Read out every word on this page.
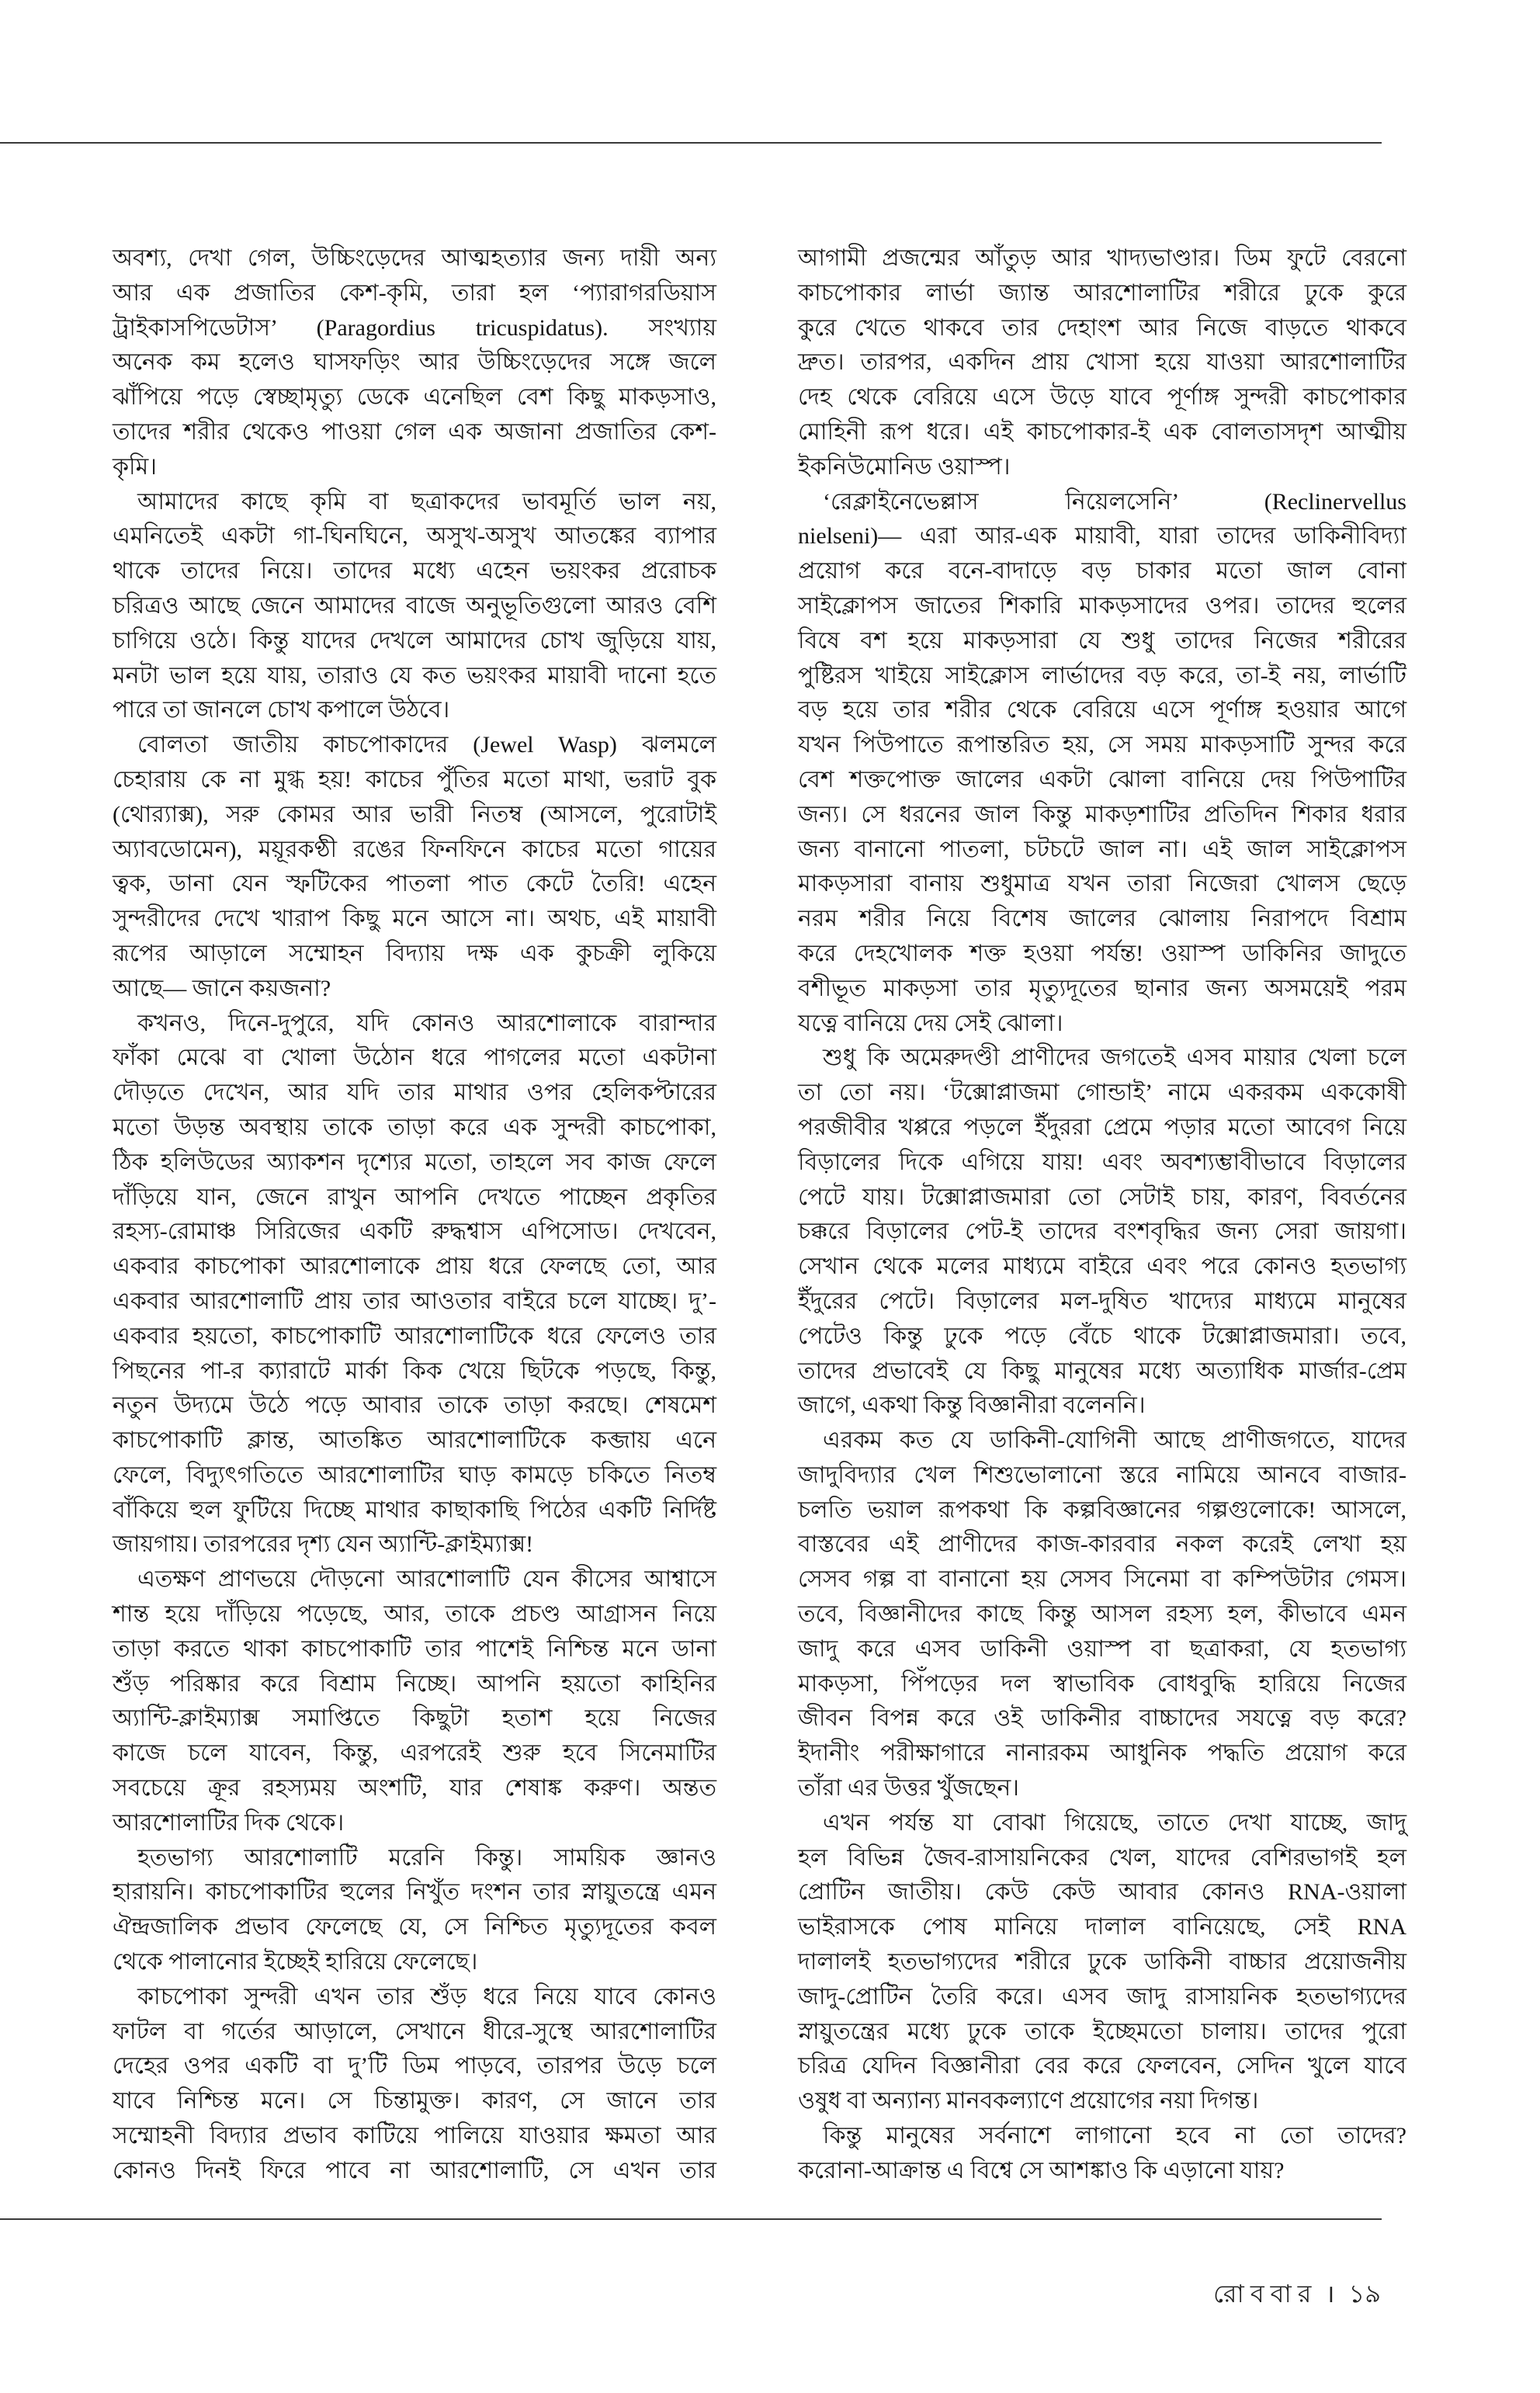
অবশ্য, দেখা গেল, উচ্চিংড়েদের আত্মহত্যার জন্য দায়ী অন্য
আর এক প্রজাতির কেশ-কৃমি, তারা হল ‘প্যারাগরডিয়াস
ট্রাইকাসপিডেটাস’ (Paragordius tricuspidatus). সংখ্যায়
অনেক কম হলেও ঘাসফড়িং আর উচ্চিংড়েদের সঙ্গে জলে
ঝাঁপিয়ে পড়ে স্বেচ্ছামৃত্যু ডেকে এনেছিল বেশ কিছু মাকড়সাও,
তাদের শরীর থেকেও পাওয়া গেল এক অজানা প্রজাতির কেশ-
কৃমি।
আমাদের কাছে কৃমি বা ছত্রাকদের ভাবমূর্তি ভাল নয়,
এমনিতেই একটা গা-ঘিনঘিনে, অসুখ-অসুখ আতঙ্কের ব্যাপার
থাকে তাদের নিয়ে। তাদের মধ্যে এহেন ভয়ংকর প্ররোচক
চরিত্রও আছে জেনে আমাদের বাজে অনুভূতিগুলো আরও বেশি
চাগিয়ে ওঠে। কিন্তু যাদের দেখলে আমাদের চোখ জুড়িয়ে যায়,
মনটা ভাল হয়ে যায়, তারাও যে কত ভয়ংকর মায়াবী দানো হতে
পারে তা জানলে চোখ কপালে উঠবে।
বোলতা জাতীয় কাচপোকাদের (Jewel Wasp) ঝলমলে
চেহারায় কে না মুগ্ধ হয়! কাচের পুঁতির মতো মাথা, ভরাট বুক
(থোর‍্যাক্স), সরু কোমর আর ভারী নিতম্ব (আসলে, পুরোটাই
অ্যাবডোমেন), ময়ূরকণ্ঠী রঙের ফিনফিনে কাচের মতো গায়ের
ত্বক, ডানা যেন স্ফটিকের পাতলা পাত কেটে তৈরি! এহেন
সুন্দরীদের দেখে খারাপ কিছু মনে আসে না। অথচ, এই মায়াবী
রূপের আড়ালে সম্মোহন বিদ্যায় দক্ষ এক কুচক্রী লুকিয়ে
আছে— জানে কয়জনা?
কখনও, দিনে-দুপুরে, যদি কোনও আরশোলাকে বারান্দার
ফাঁকা মেঝে বা খোলা উঠোন ধরে পাগলের মতো একটানা
দৌড়তে দেখেন, আর যদি তার মাথার ওপর হেলিকপ্টারের
মতো উড়ন্ত অবস্থায় তাকে তাড়া করে এক সুন্দরী কাচপোকা,
ঠিক হলিউডের অ্যাকশন দৃশ্যের মতো, তাহলে সব কাজ ফেলে
দাঁড়িয়ে যান, জেনে রাখুন আপনি দেখতে পাচ্ছেন প্রকৃতির
রহস্য-রোমাঞ্চ সিরিজের একটি রুদ্ধশ্বাস এপিসোড। দেখবেন,
একবার কাচপোকা আরশোলাকে প্রায় ধরে ফেলছে তো, আর
একবার আরশোলাটি প্রায় তার আওতার বাইরে চলে যাচ্ছে। দু’-
একবার হয়তো, কাচপোকাটি আরশোলাটিকে ধরে ফেলেও তার
পিছনের পা-র ক্যারাটে মার্কা কিক খেয়ে ছিটকে পড়ছে, কিন্তু,
নতুন উদ্যমে উঠে পড়ে আবার তাকে তাড়া করছে। শেষমেশ
কাচপোকাটি ক্লান্ত, আতঙ্কিত আরশোলাটিকে কব্জায় এনে
ফেলে, বিদ্যুৎগতিতে আরশোলাটির ঘাড় কামড়ে চকিতে নিতম্ব
বাঁকিয়ে হুল ফুটিয়ে দিচ্ছে মাথার কাছাকাছি পিঠের একটি নির্দিষ্ট
জায়গায়। তারপরের দৃশ্য যেন অ্যান্টি-ক্লাইম্যাক্স!
এতক্ষণ প্রাণভয়ে দৌড়নো আরশোলাটি যেন কীসের আশ্বাসে
শান্ত হয়ে দাঁড়িয়ে পড়েছে, আর, তাকে প্রচণ্ড আগ্রাসন নিয়ে
তাড়া করতে থাকা কাচপোকাটি তার পাশেই নিশ্চিন্ত মনে ডানা
শুঁড় পরিষ্কার করে বিশ্রাম নিচ্ছে। আপনি হয়তো কাহিনির
অ্যান্টি-ক্লাইম্যাক্স সমাপ্তিতে কিছুটা হতাশ হয়ে নিজের
কাজে চলে যাবেন, কিন্তু, এরপরেই শুরু হবে সিনেমাটির
সবচেয়ে ক্রূর রহস্যময় অংশটি, যার শেষাঙ্ক করুণ। অন্তত
আরশোলাটির দিক থেকে।
হতভাগ্য আরশোলাটি মরেনি কিন্তু। সাময়িক জ্ঞানও
হারায়নি। কাচপোকাটির হুলের নিখুঁত দংশন তার স্নায়ুতন্ত্রে এমন
ঐন্দ্রজালিক প্রভাব ফেলেছে যে, সে নিশ্চিত মৃত্যুদূতের কবল
থেকে পালানোর ইচ্ছেই হারিয়ে ফেলেছে।
কাচপোকা সুন্দরী এখন তার শুঁড় ধরে নিয়ে যাবে কোনও
ফাটল বা গর্তের আড়ালে, সেখানে ধীরে-সুস্থে আরশোলাটির
দেহের ওপর একটি বা দু’টি ডিম পাড়বে, তারপর উড়ে চলে
যাবে নিশ্চিন্ত মনে। সে চিন্তামুক্ত। কারণ, সে জানে তার
সম্মোহনী বিদ্যার প্রভাব কাটিয়ে পালিয়ে যাওয়ার ক্ষমতা আর
কোনও দিনই ফিরে পাবে না আরশোলাটি, সে এখন তার
আগামী প্রজন্মের আঁতুড় আর খাদ্যভাণ্ডার। ডিম ফুটে বেরনো
কাচপোকার লার্ভা জ্যান্ত আরশোলাটির শরীরে ঢুকে কুরে
কুরে খেতে থাকবে তার দেহাংশ আর নিজে বাড়তে থাকবে
দ্রুত। তারপর, একদিন প্রায় খোসা হয়ে যাওয়া আরশোলাটির
দেহ থেকে বেরিয়ে এসে উড়ে যাবে পূর্ণাঙ্গ সুন্দরী কাচপোকার
মোহিনী রূপ ধরে। এই কাচপোকার-ই এক বোলতাসদৃশ আত্মীয়
ইকনিউমোনিড ওয়াস্প।
‘রেক্লাইনেভেল্লাস নিয়েলসেনি’ (Reclinervellus
nielseni)— এরা আর-এক মায়াবী, যারা তাদের ডাকিনীবিদ্যা
প্রয়োগ করে বনে-বাদাড়ে বড় চাকার মতো জাল বোনা
সাইক্লোপস জাতের শিকারি মাকড়সাদের ওপর। তাদের হুলের
বিষে বশ হয়ে মাকড়সারা যে শুধু তাদের নিজের শরীরের
পুষ্টিরস খাইয়ে সাইক্লোস লার্ভাদের বড় করে, তা-ই নয়, লার্ভাটি
বড় হয়ে তার শরীর থেকে বেরিয়ে এসে পূর্ণাঙ্গ হওয়ার আগে
যখন পিউপাতে রূপান্তরিত হয়, সে সময় মাকড়সাটি সুন্দর করে
বেশ শক্তপোক্ত জালের একটা ঝোলা বানিয়ে দেয় পিউপাটির
জন্য। সে ধরনের জাল কিন্তু মাকড়শাটির প্রতিদিন শিকার ধরার
জন্য বানানো পাতলা, চটচটে জাল না। এই জাল সাইক্লোপস
মাকড়সারা বানায় শুধুমাত্র যখন তারা নিজেরা খোলস ছেড়ে
নরম শরীর নিয়ে বিশেষ জালের ঝোলায় নিরাপদে বিশ্রাম
করে দেহখোলক শক্ত হওয়া পর্যন্ত! ওয়াস্প ডাকিনির জাদুতে
বশীভূত মাকড়সা তার মৃত্যুদূতের ছানার জন্য অসময়েই পরম
যত্নে বানিয়ে দেয় সেই ঝোলা।
শুধু কি অমেরুদণ্ডী প্রাণীদের জগতেই এসব মায়ার খেলা চলে
তা তো নয়। ‘টক্সোপ্লাজমা গোন্ডাই’ নামে একরকম এককোষী
পরজীবীর খপ্পরে পড়লে ইঁদুররা প্রেমে পড়ার মতো আবেগ নিয়ে
বিড়ালের দিকে এগিয়ে যায়! এবং অবশ্যম্ভাবীভাবে বিড়ালের
পেটে যায়। টক্সোপ্লাজমারা তো সেটাই চায়, কারণ, বিবর্তনের
চক্করে বিড়ালের পেট-ই তাদের বংশবৃদ্ধির জন্য সেরা জায়গা।
সেখান থেকে মলের মাধ্যমে বাইরে এবং পরে কোনও হতভাগ্য
ইঁদুরের পেটে। বিড়ালের মল-দুষিত খাদ্যের মাধ্যমে মানুষের
পেটেও কিন্তু ঢুকে পড়ে বেঁচে থাকে টক্সোপ্লাজমারা। তবে,
তাদের প্রভাবেই যে কিছু মানুষের মধ্যে অত্যাধিক মার্জার-প্রেম
জাগে, একথা কিন্তু বিজ্ঞানীরা বলেননি।
এরকম কত যে ডাকিনী-যোগিনী আছে প্রাণীজগতে, যাদের
জাদুবিদ্যার খেল শিশুভোলানো স্তরে নামিয়ে আনবে বাজার-
চলতি ভয়াল রূপকথা কি কল্পবিজ্ঞানের গল্পগুলোকে! আসলে,
বাস্তবের এই প্রাণীদের কাজ-কারবার নকল করেই লেখা হয়
সেসব গল্প বা বানানো হয় সেসব সিনেমা বা কম্পিউটার গেমস।
তবে, বিজ্ঞানীদের কাছে কিন্তু আসল রহস্য হল, কীভাবে এমন
জাদু করে এসব ডাকিনী ওয়াস্প বা ছত্রাকরা, যে হতভাগ্য
মাকড়সা, পিঁপড়ের দল স্বাভাবিক বোধবুদ্ধি হারিয়ে নিজের
জীবন বিপন্ন করে ওই ডাকিনীর বাচ্চাদের সযত্নে বড় করে?
ইদানীং পরীক্ষাগারে নানারকম আধুনিক পদ্ধতি প্রয়োগ করে
তাঁরা এর উত্তর খুঁজছেন।
এখন পর্যন্ত যা বোঝা গিয়েছে, তাতে দেখা যাচ্ছে, জাদু
হল বিভিন্ন জৈব-রাসায়নিকের খেল, যাদের বেশিরভাগই হল
প্রোটিন জাতীয়। কেউ কেউ আবার কোনও RNA-ওয়ালা
ভাইরাসকে পোষ মানিয়ে দালাল বানিয়েছে, সেই RNA
দালালই হতভাগ্যদের শরীরে ঢুকে ডাকিনী বাচ্চার প্রয়োজনীয়
জাদু-প্রোটিন তৈরি করে। এসব জাদু রাসায়নিক হতভাগ্যদের
স্নায়ুতন্ত্রের মধ্যে ঢুকে তাকে ইচ্ছেমতো চালায়। তাদের পুরো
চরিত্র যেদিন বিজ্ঞানীরা বের করে ফেলবেন, সেদিন খুলে যাবে
ওষুধ বা অন্যান্য মানবকল্যাণে প্রয়োগের নয়া দিগন্ত।
কিন্তু মানুষের সর্বনাশে লাগানো হবে না তো তাদের?
করোনা-আক্রান্ত এ বিশ্বে সে আশঙ্কাও কি এড়ানো যায়?
রো ব বা র । ১৯
